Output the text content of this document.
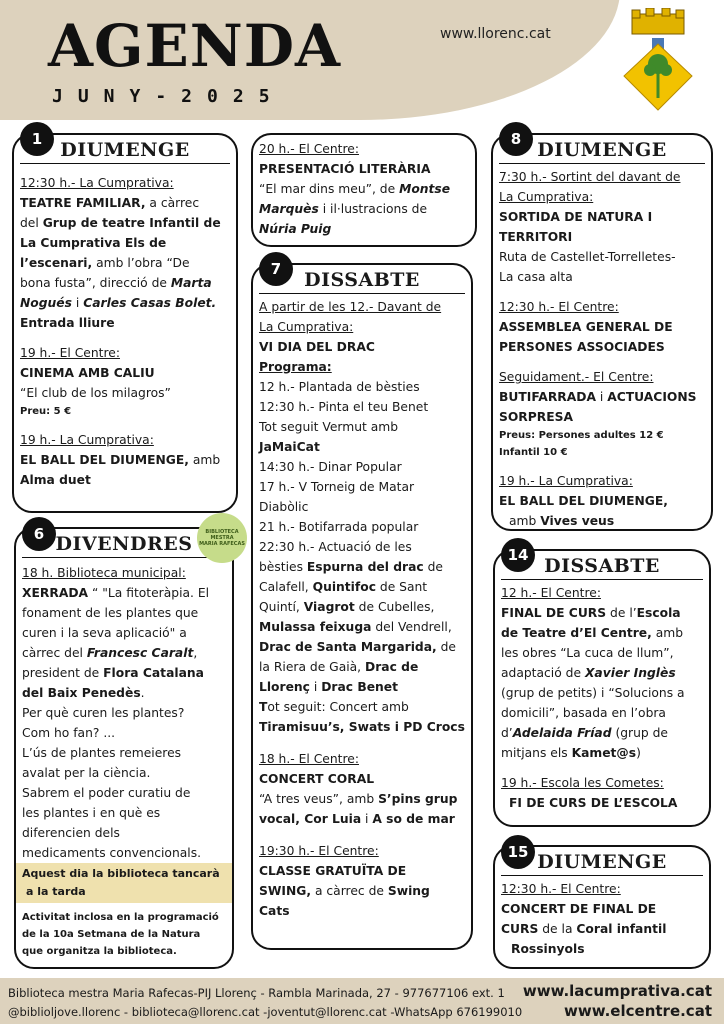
AGENDA
JUNY-2025
www.llorenc.cat
DIUMENGE
12:30 h.- La Cumprativa:
TEATRE FAMILIAR, a càrrec
del Grup de teatre Infantil de
La Cumprativa Els de
l’escenari, amb l’obra “De
bona fusta”, direcció de Marta
Nogués i Carles Casas Bolet.
Entrada lliure
19 h.- El Centre:
CINEMA AMB CALIU
“El club de los milagros”
Preu: 5 €
19 h.- La Cumprativa:
EL BALL DEL DIUMENGE, amb
Alma duet
1
DIVENDRES
18 h. Biblioteca municipal:
XERRADA “ "La fitoteràpia. El
fonament de les plantes que
curen i la seva aplicació" a
càrrec del Francesc Caralt,
president de Flora Catalana
del Baix Penedès.
Per què curen les plantes?
Com ho fan? ...
L’ús de plantes remeieres
avalat per la ciència.
Sabrem el poder curatiu de
les plantes i en què es
diferencien dels
medicaments convencionals.
Aquest dia la biblioteca tancarà
a la tarda
Activitat inclosa en la programació
de la 10a Setmana de la Natura
que organitza la biblioteca.
6	BIBLIOTECA
MESTRA
MARIA RAFECAS
20 h.- El Centre:
PRESENTACIÓ LITERÀRIA
“El mar dins meu”, de Montse
Marquès i il·lustracions de
Núria Puig
DISSABTE
A partir de les 12.- Davant de
La Cumprativa:
VI DIA DEL DRAC
Programa:
12 h.- Plantada de bèsties
12:30 h.- Pinta el teu Benet
Tot seguit Vermut amb
JaMaiCat
14:30 h.- Dinar Popular
17 h.- V Torneig de Matar
Diabòlic
21 h.- Botifarrada popular
22:30 h.- Actuació de les
bèsties Espurna del drac de
Calafell, Quintifoc de Sant
Quintí, Viagrot de Cubelles,
Mulassa feixuga del Vendrell,
Drac de Santa Margarida, de
la Riera de Gaià, Drac de
Llorenç i Drac Benet
Tot seguit: Concert amb
Tiramisuu’s, Swats i PD Crocs
18 h.- El Centre:
CONCERT CORAL
“A tres veus”, amb S’pins grup
vocal, Cor Luia i A so de mar
19:30 h.- El Centre:
CLASSE GRATUÏTA DE
SWING, a càrrec de Swing
Cats
7
DIUMENGE
7:30 h.- Sortint del davant de
La Cumprativa:
SORTIDA DE NATURA I
TERRITORI
Ruta de Castellet-Torrelletes-
La casa alta
12:30 h.- El Centre:
ASSEMBLEA GENERAL DE
PERSONES ASSOCIADES
Seguidament.- El Centre:
BUTIFARRADA i ACTUACIONS
SORPRESA
Preus: Persones adultes 12 €
Infantil 10 €
19 h.- La Cumprativa:
EL BALL DEL DIUMENGE,
amb Vives veus
8
DISSABTE
12 h.- El Centre:
FINAL DE CURS de l’Escola
de Teatre d’El Centre, amb
les obres “La cuca de llum”,
adaptació de Xavier Inglès
(grup de petits) i “Solucions a
domicili”, basada en l’obra
d’Adelaida Fríad (grup de
mitjans els Kamet@s)
19 h.- Escola les Cometes:
FI DE CURS DE L’ESCOLA
14
DIUMENGE
12:30 h.- El Centre:
CONCERT DE FINAL DE
CURS de la Coral infantil
Rossinyols
15
Biblioteca mestra Maria Rafecas-PIJ Llorenç - Rambla Marinada, 27 - 977677106 ext. 1
@biblioljove.llorenc - biblioteca@llorenc.cat -joventut@llorenc.cat -WhatsApp 676199010
www.lacumprativa.cat
www.elcentre.cat
